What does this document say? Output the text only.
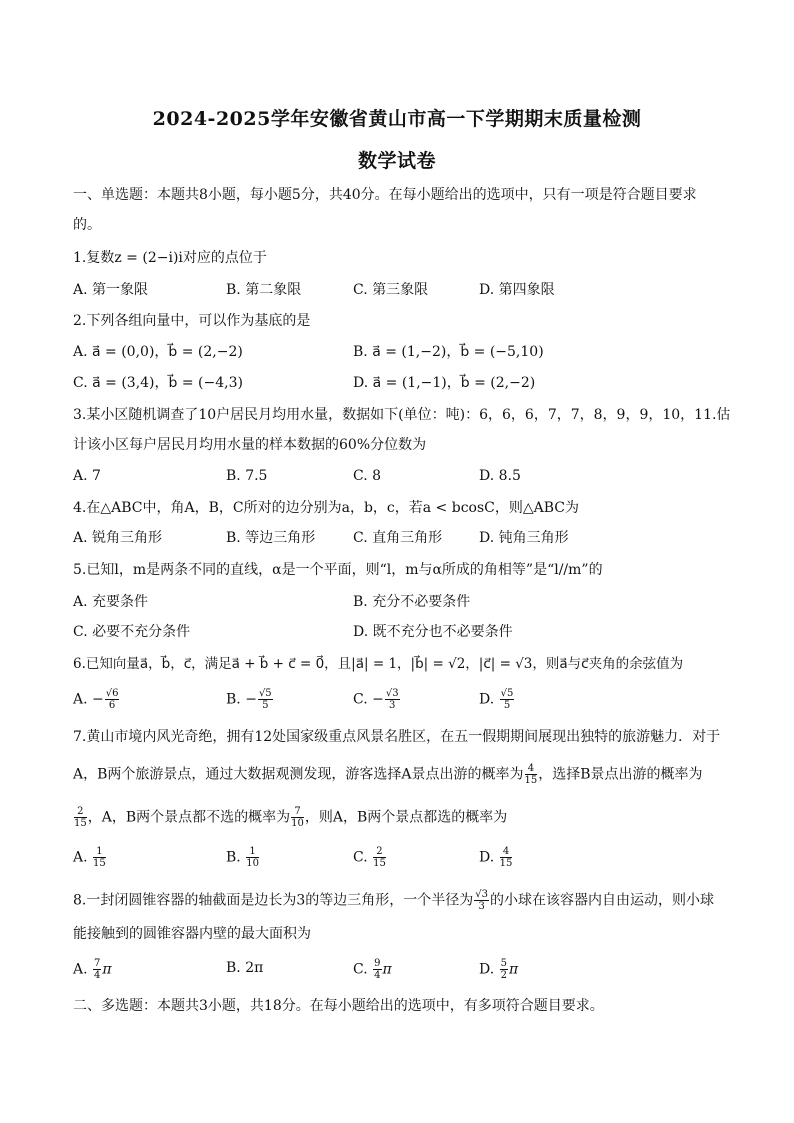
2024-2025学年安徽省黄山市高一下学期期末质量检测
数学试卷
一、单选题：本题共8小题，每小题5分，共40分。在每小题给出的选项中，只有一项是符合题目要求
的。
1.复数z = (2−i)i对应的点位于
A. 第一象限	B. 第二象限	C. 第三象限	D. 第四象限
2.下列各组向量中，可以作为基底的是
A. a⃗ = (0,0)，b⃗ = (2,−2)	B. a⃗ = (1,−2)，b⃗ = (−5,10)
C. a⃗ = (3,4)，b⃗ = (−4,3)	D. a⃗ = (1,−1)，b⃗ = (2,−2)
3.某小区随机调查了10户居民月均用水量，数据如下(单位：吨)：6，6，6，7，7，8，9，9，10，11.估
计该小区每户居民月均用水量的样本数据的60%分位数为
A. 7	B. 7.5	C. 8	D. 8.5
4.在△ABC中，角A，B，C所对的边分别为a，b，c，若a < bcosC，则△ABC为
A. 锐角三角形	B. 等边三角形	C. 直角三角形	D. 钝角三角形
5.已知l，m是两条不同的直线，α是一个平面，则“l，m与α所成的角相等”是“l//m”的
A. 充要条件	B. 充分不必要条件
C. 必要不充分条件	D. 既不充分也不必要条件
6.已知向量a⃗，b⃗，c⃗，满足a⃗ + b⃗ + c⃗ = 0⃗，且|a⃗| = 1，|b⃗| = √2，|c⃗| = √3，则a⃗与c⃗夹角的余弦值为
A. − $\frac{√6}{6}$	B. − $\frac{√5}{5}$	C. − $\frac{√3}{3}$	D. $\frac{√5}{5}$
7.黄山市境内风光奇绝，拥有12处国家级重点风景名胜区，在五一假期期间展现出独特的旅游魅力．对于
A，B两个旅游景点，通过大数据观测发现，游客选择A景点出游的概率为 $\frac{4}{15}$ ，选择B景点出游的概率为
$\frac{2}{15}$ ，A，B两个景点都不选的概率为 $\frac{7}{10}$ ，则A，B两个景点都选的概率为
A. $\frac{1}{15}$	B. $\frac{1}{10}$	C. $\frac{2}{15}$	D. $\frac{4}{15}$
8.一封闭圆锥容器的轴截面是边长为3的等边三角形，一个半径为 $\frac{√3}{3}$ 的小球在该容器内自由运动，则小球
能接触到的圆锥容器内壁的最大面积为
A. $\frac{7}{4}$ π	B. 2π	C. $\frac{9}{4}$ π	D. $\frac{5}{2}$ π
二、多选题：本题共3小题，共18分。在每小题给出的选项中，有多项符合题目要求。
